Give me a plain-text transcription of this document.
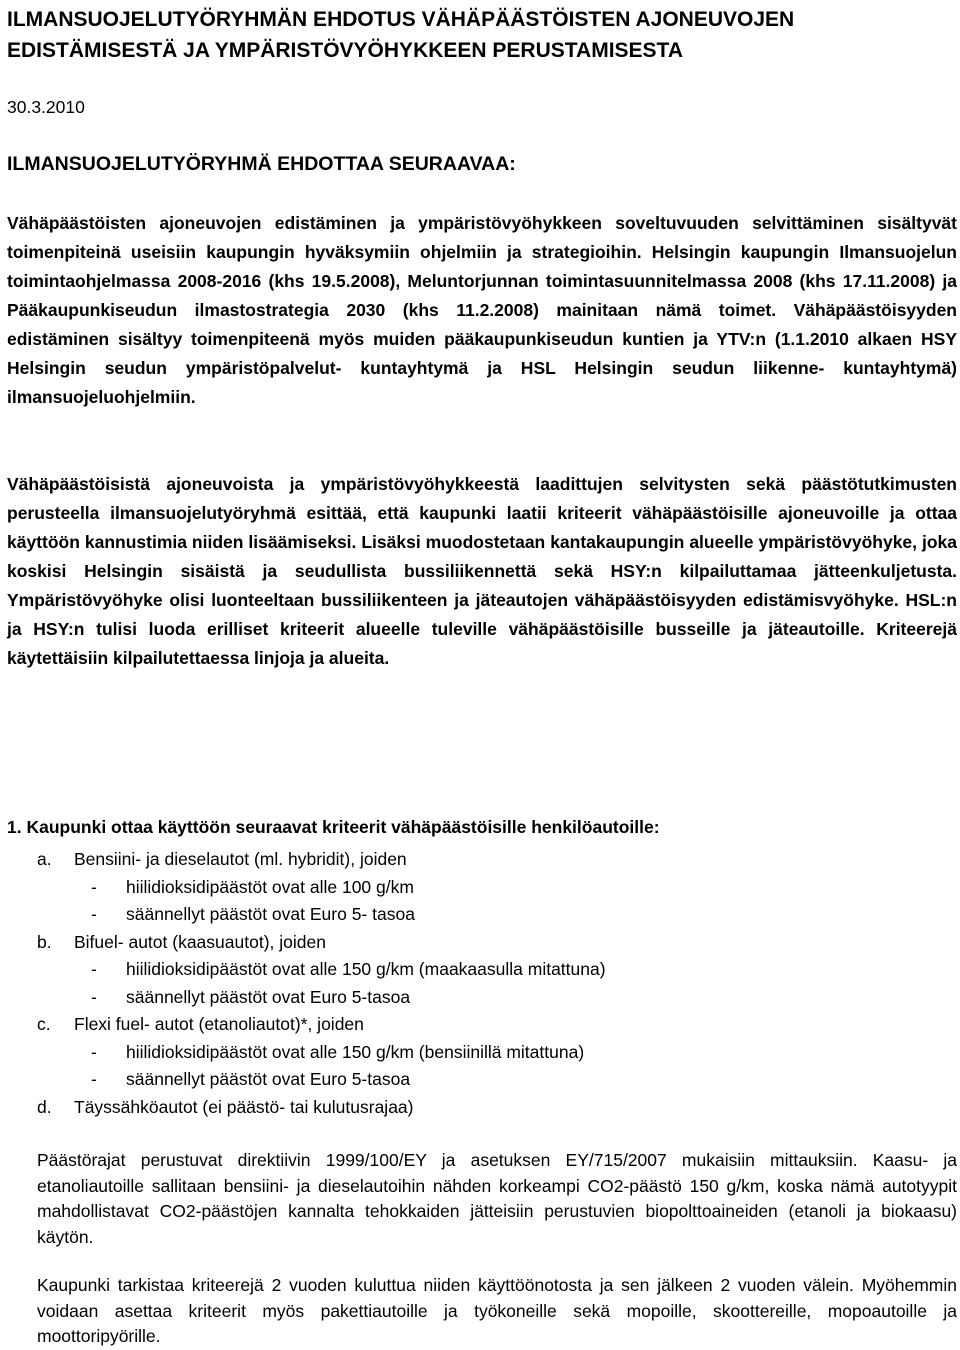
ILMANSUOJELUTYÖRYHMÄN EHDOTUS VÄHÄPÄÄSTÖISTEN AJONEUVOJEN EDISTÄMISESTÄ JA YMPÄRISTÖVYÖHYKKEEN PERUSTAMISESTA
30.3.2010
ILMANSUOJELUTYÖRYHMÄ EHDOTTAA SEURAAVAA:
Vähäpäästöisten ajoneuvojen edistäminen ja ympäristövyöhykkeen soveltuvuuden selvittäminen sisältyvät toimenpiteinä useisiin kaupungin hyväksymiin ohjelmiin ja strategioihin. Helsingin kaupungin Ilmansuojelun toimintaohjelmassa 2008-2016 (khs 19.5.2008), Meluntorjunnan toimintasuunnitelmassa 2008 (khs 17.11.2008) ja Pääkaupunkiseudun ilmastostrategia 2030 (khs 11.2.2008) mainitaan nämä toimet. Vähäpäästöisyyden edistäminen sisältyy toimenpiteenä myös muiden pääkaupunkiseudun kuntien ja YTV:n (1.1.2010 alkaen HSY Helsingin seudun ympäristöpalvelut- kuntayhtymä ja HSL Helsingin seudun liikenne- kuntayhtymä) ilmansuojeluohjelmiin.
Vähäpäästöisistä ajoneuvoista ja ympäristövyöhykkeestä laadittujen selvitysten sekä päästötutkimusten perusteella ilmansuojelutyöryhmä esittää, että kaupunki laatii kriteerit vähäpäästöisille ajoneuvoille ja ottaa käyttöön kannustimia niiden lisäämiseksi. Lisäksi muodostetaan kantakaupungin alueelle ympäristövyöhyke, joka koskisi Helsingin sisäistä ja seudullista bussiliikennettä sekä HSY:n kilpailuttamaa jätteenkuljetusta. Ympäristövyöhyke olisi luonteeltaan bussiliikenteen ja jäteautojen vähäpäästöisyyden edistämisvyöhyke. HSL:n ja HSY:n tulisi luoda erilliset kriteerit alueelle tuleville vähäpäästöisille busseille ja jäteautoille. Kriteerejä käytettäisiin kilpailutettaessa linjoja ja alueita.
1. Kaupunki ottaa käyttöön seuraavat kriteerit vähäpäästöisille henkilöautoille:
a. Bensiini- ja dieselautot (ml. hybridit), joiden
- hiilidioksidipäästöt ovat alle 100 g/km
- säännellyt päästöt ovat Euro 5- tasoa
b. Bifuel- autot (kaasuautot), joiden
- hiilidioksidipäästöt ovat alle 150 g/km (maakaasulla mitattuna)
- säännellyt päästöt ovat Euro 5-tasoa
c. Flexi fuel- autot (etanoliautot)*, joiden
- hiilidioksidipäästöt ovat alle 150 g/km (bensiinillä mitattuna)
- säännellyt päästöt ovat Euro 5-tasoa
d. Täyssähköautot (ei päästö- tai kulutusrajaa)
Päästörajat perustuvat direktiivin 1999/100/EY ja asetuksen EY/715/2007 mukaisiin mittauksiin. Kaasu- ja etanoliautoille sallitaan bensiini- ja dieselautoihin nähden korkeampi CO2-päästö 150 g/km, koska nämä autotyypit mahdollistavat CO2-päästöjen kannalta tehokkaiden jätteisiin perustuvien biopolttoaineiden (etanoli ja biokaasu) käytön.
Kaupunki tarkistaa kriteerejä 2 vuoden kuluttua niiden käyttöönotosta ja sen jälkeen 2 vuoden välein. Myöhemmin voidaan asettaa kriteerit myös pakettiautoille ja työkoneille sekä mopoille, skoottereille, mopoautoille ja moottoripyörille.
